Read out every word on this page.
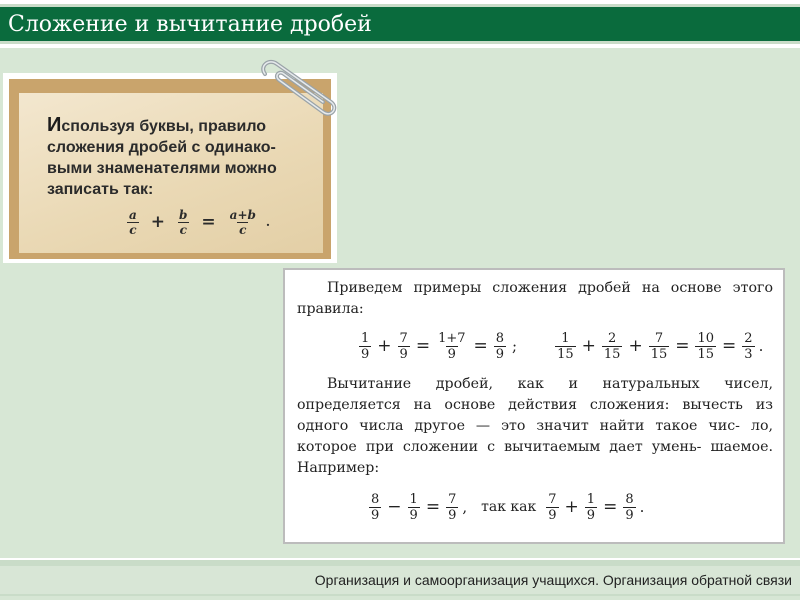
Сложение и вычитание дробей
Используя буквы, правило сложения дробей с одинако- выми знаменателями можно записать так:
$\frac{a}{c} + \frac{b}{c} = \frac{a+b}{c}$ .

Приведем примеры сложения дробей на основе этого правила:

$\frac{1}{9} + \frac{7}{9} = \frac{1+7}{9} = \frac{8}{9}$ ;	$\frac{1}{15} + \frac{2}{15} + \frac{7}{15} = \frac{10}{15} = \frac{2}{3}$ .

Вычитание дробей, как и натуральных чисел, определяется на основе действия сложения: вычесть из одного числа другое — это значит найти такое чис- ло, которое при сложении с вычитаемым дает умень- шаемое. Например:

$\frac{8}{9} - \frac{1}{9} = \frac{7}{9}$ , так как $\frac{7}{9} + \frac{1}{9} = \frac{8}{9}$ .
Организация и самоорганизация учащихся. Организация обратной связи
